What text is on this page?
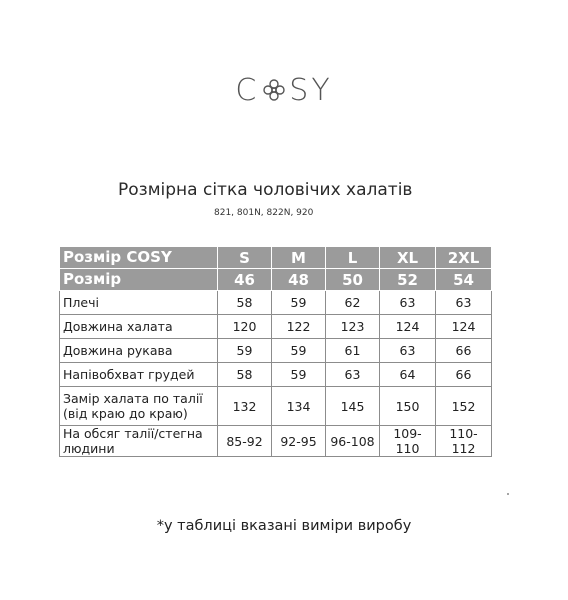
C SY
Розмірна сітка чоловічих халатів
821, 801N, 822N, 920
Розмір COSY	S	M	L	XL	2XL
Розмір	46	48	50	52	54
Плечі	58	59	62	63	63
Довжина халата	120	122	123	124	124
Довжина рукава	59	59	61	63	66
Напівобхват грудей	58	59	63	64	66
Замір халата по талії (від краю до краю)	132	134	145	150	152
На обсяг талії/стегна людини	85-92	92-95	96-108	109-110	110-112
*у таблиці вказані виміри виробу
